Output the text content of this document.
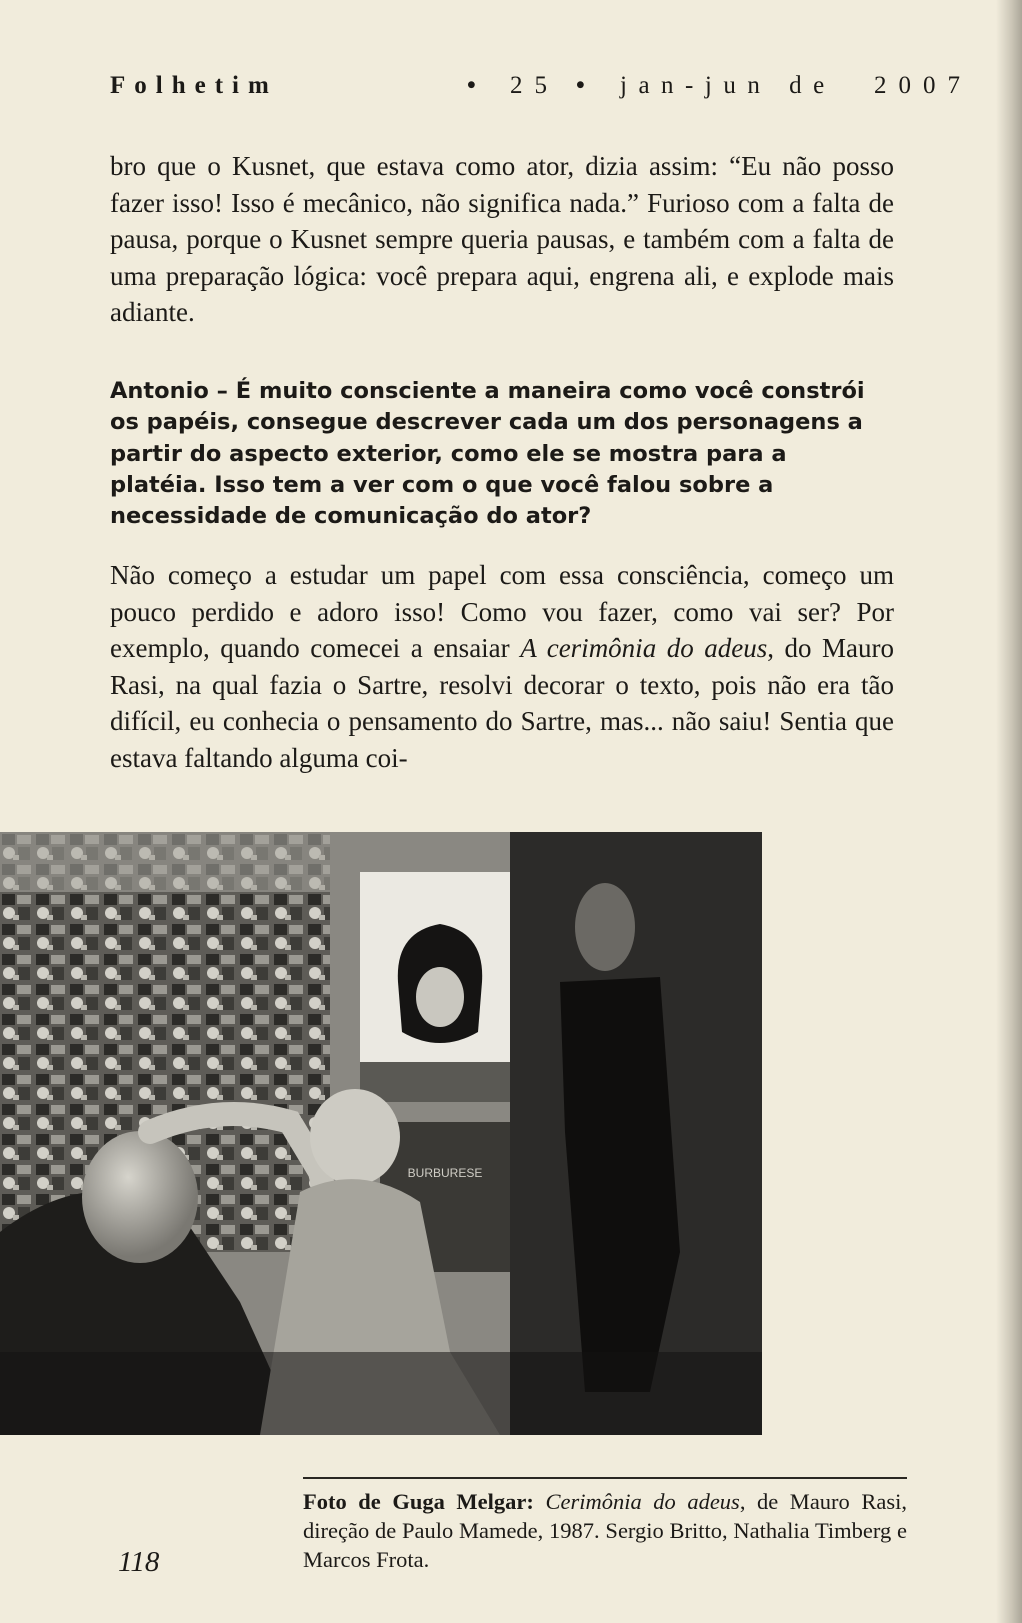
Folhetim	• 25 • jan-jun de 2007

bro que o Kusnet, que estava como ator, dizia assim: “Eu não posso fazer isso! Isso é mecânico, não significa nada.” Furioso com a falta de pausa, porque o Kusnet sempre queria pausas, e também com a falta de uma preparação lógica: você prepara aqui, engrena ali, e explode mais adiante.

Antonio – É muito consciente a maneira como você constrói os papéis, consegue descrever cada um dos personagens a partir do aspecto exterior, como ele se mostra para a platéia. Isso tem a ver com o que você falou sobre a necessidade de comunicação do ator?

Não começo a estudar um papel com essa consciência, começo um pouco perdido e adoro isso! Como vou fazer, como vai ser? Por exemplo, quando comecei a ensaiar A cerimônia do adeus, do Mauro Rasi, na qual fazia o Sartre, resolvi decorar o texto, pois não era tão difícil, eu conhecia o pensamento do Sartre, mas... não saiu! Sentia que estava faltando alguma coi-

BURBURESE

Foto de Guga Melgar: Cerimônia do adeus, de Mauro Rasi, direção de Paulo Mamede, 1987. Sergio Britto, Nathalia Timberg e Marcos Frota.

118
